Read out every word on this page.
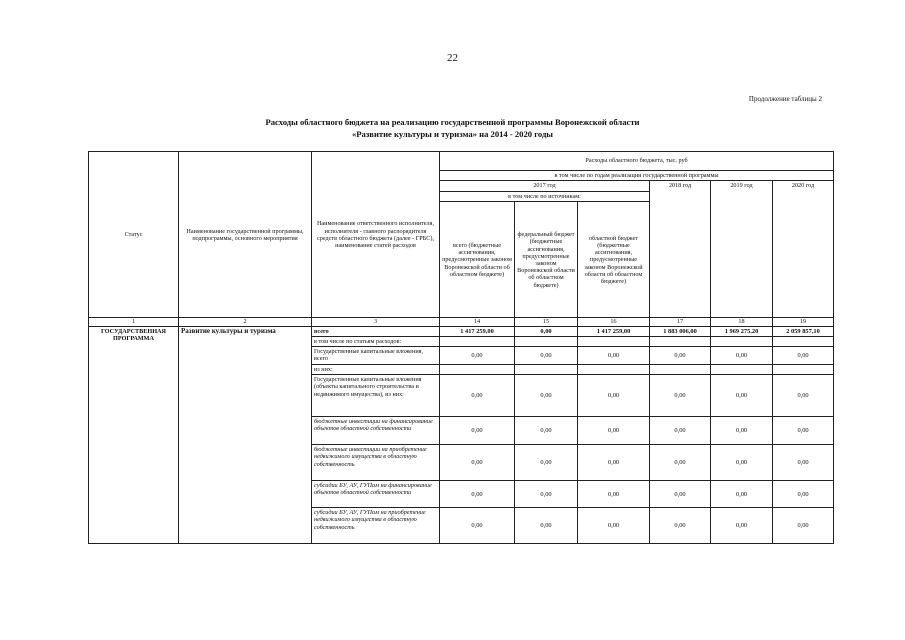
22
Продолжение таблицы 2
Расходы областного бюджета на реализацию государственной программы Воронежской области
«Развитие культуры и туризма» на 2014 - 2020 годы
Статус	Наименование государственной программы, подпрограммы, основного мероприятия	Наименование ответственного исполнителя, исполнителя - главного распорядителя средств областного бюджета (далее - ГРБС), наименование статей расходов	Расходы областного бюджета, тыс. руб					
			в том числе по годам реализации государственной программы					
			2017 год			2018 год	2019 год	2020 год
			в том числе по источникам:					
			всего (бюджетные ассигнования, предусмотренные законом Воронежской области об областном бюджете)	федеральный бюджет (бюджетные ассигнования, предусмотренные законом Воронежской области об областном бюджете)	областной бюджет (бюджетные ассигнования, предусмотренные законом Воронежской области об областном бюджете)			
1	2	3	14	15	16	17	18	19
ГОСУДАРСТВЕННАЯ ПРОГРАММА	Развитие культуры и туризма	всего	1 417 259,00	0,00	1 417 259,00	1 883 006,00	1 969 275,20	2 059 857,10
		в том числе по статьям расходов:						
		Государственные капитальные вложения, всего	0,00	0,00	0,00	0,00	0,00	0,00
		из них:						
		Государственные капитальные вложения (объекты капитального строительства и недвижимого имущества), из них:	0,00	0,00	0,00	0,00	0,00	0,00
		бюджетные инвестиции на финансирование объектов областной собственности	0,00	0,00	0,00	0,00	0,00	0,00
		бюджетные инвестиции на приобретение недвижимого имущества в областную собственность	0,00	0,00	0,00	0,00	0,00	0,00
		субсидии БУ, АУ, ГУПам на финансирование объектов областной собственности	0,00	0,00	0,00	0,00	0,00	0,00
		субсидии БУ, АУ, ГУПам на приобретение недвижимого имущества в областную собственность	0,00	0,00	0,00	0,00	0,00	0,00
